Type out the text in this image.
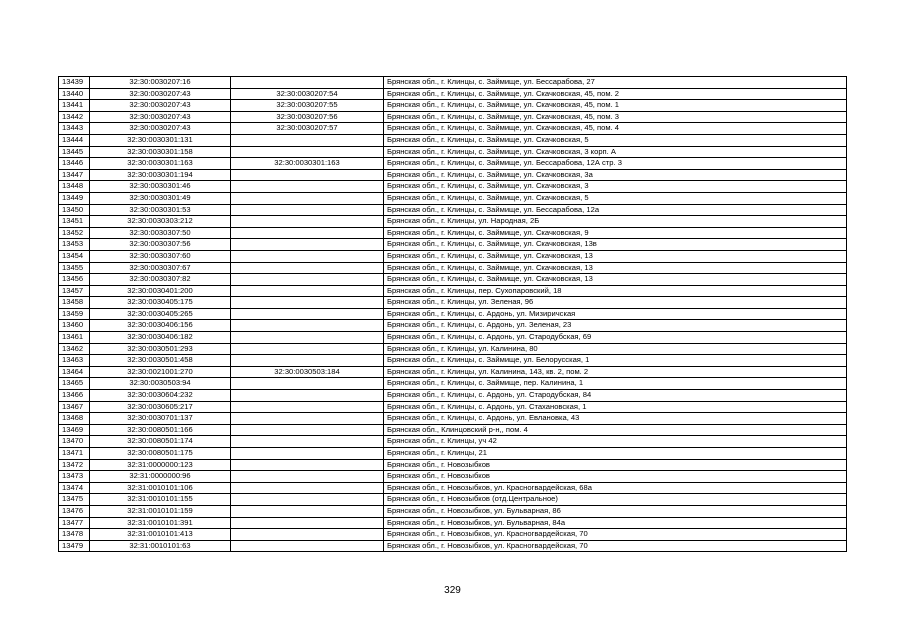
13439	32:30:0030207:16		Брянская обл., г. Клинцы, с. Займище, ул. Бессарабова, 27
13440	32:30:0030207:43	32:30:0030207:54	Брянская обл., г. Клинцы, с. Займище, ул. Скачковская, 45, пом. 2
13441	32:30:0030207:43	32:30:0030207:55	Брянская обл., г. Клинцы, с. Займище, ул. Скачковская, 45, пом. 1
13442	32:30:0030207:43	32:30:0030207:56	Брянская обл., г. Клинцы, с. Займище, ул. Скачковская, 45, пом. 3
13443	32:30:0030207:43	32:30:0030207:57	Брянская обл., г. Клинцы, с. Займище, ул. Скачковская, 45, пом. 4
13444	32:30:0030301:131		Брянская обл., г. Клинцы, с. Займище, ул. Скачковская, 5
13445	32:30:0030301:158		Брянская обл., г. Клинцы, с. Займище, ул. Скачковская, 3 корп. А
13446	32:30:0030301:163	32:30:0030301:163	Брянская обл., г. Клинцы, с. Займище, ул. Бессарабова, 12А стр. 3
13447	32:30:0030301:194		Брянская обл., г. Клинцы, с. Займище, ул. Скачковская, 3а
13448	32:30:0030301:46		Брянская обл., г. Клинцы, с. Займище, ул. Скачковская, 3
13449	32:30:0030301:49		Брянская обл., г. Клинцы, с. Займище, ул. Скачковская, 5
13450	32:30:0030301:53		Брянская обл., г. Клинцы, с. Займище, ул. Бессарабова, 12а
13451	32:30:0030303:212		Брянская обл., г. Клинцы, ул. Народная, 2Б
13452	32:30:0030307:50		Брянская обл., г. Клинцы, с. Займище, ул. Скачковская, 9
13453	32:30:0030307:56		Брянская обл., г. Клинцы, с. Займище, ул. Скачковская, 13в
13454	32:30:0030307:60		Брянская обл., г. Клинцы, с. Займище, ул. Скачковская, 13
13455	32:30:0030307:67		Брянская обл., г. Клинцы, с. Займище, ул. Скачковская, 13
13456	32:30:0030307:82		Брянская обл., г. Клинцы, с. Займище, ул. Скачковская, 13
13457	32:30:0030401:200		Брянская обл., г. Клинцы, пер. Сухопаровский, 18
13458	32:30:0030405:175		Брянская обл., г. Клинцы, ул. Зеленая, 96
13459	32:30:0030405:265		Брянская обл., г. Клинцы, с. Ардонь, ул. Мизиричская
13460	32:30:0030406:156		Брянская обл., г. Клинцы, с. Ардонь, ул. Зеленая, 23
13461	32:30:0030406:182		Брянская обл., г. Клинцы, с. Ардонь, ул. Стародубская, 69
13462	32:30:0030501:293		Брянская обл., г. Клинцы, ул. Калинина, 80
13463	32:30:0030501:458		Брянская обл., г. Клинцы, с. Займище, ул. Белорусская, 1
13464	32:30:0021001:270	32:30:0030503:184	Брянская обл., г. Клинцы, ул. Калинина, 143, кв. 2, пом. 2
13465	32:30:0030503:94		Брянская обл., г. Клинцы, с. Займище, пер. Калинина, 1
13466	32:30:0030604:232		Брянская обл., г. Клинцы, с. Ардонь, ул. Стародубская, 84
13467	32:30:0030605:217		Брянская обл., г. Клинцы, с. Ардонь, ул. Стахановская, 1
13468	32:30:0030701:137		Брянская обл., г. Клинцы, с. Ардонь, ул. Евлановка, 43
13469	32:30:0080501:166		Брянская обл., Клинцовский р-н,, пом. 4
13470	32:30:0080501:174		Брянская обл., г. Клинцы, уч 42
13471	32:30:0080501:175		Брянская обл., г. Клинцы, 21
13472	32:31:0000000:123		Брянская обл., г. Новозыбков
13473	32:31:0000000:96		Брянская обл., г. Новозыбков
13474	32:31:0010101:106		Брянская обл., г. Новозыбков, ул. Красногвардейская, 68а
13475	32:31:0010101:155		Брянская обл., г. Новозыбков (отд.Центральное)
13476	32:31:0010101:159		Брянская обл., г. Новозыбков, ул. Бульварная, 86
13477	32:31:0010101:391		Брянская обл., г. Новозыбков, ул. Бульварная, 84а
13478	32:31:0010101:413		Брянская обл., г. Новозыбков, ул. Красногвардейская, 70
13479	32:31:0010101:63		Брянская обл., г. Новозыбков, ул. Красногвардейская, 70
329
